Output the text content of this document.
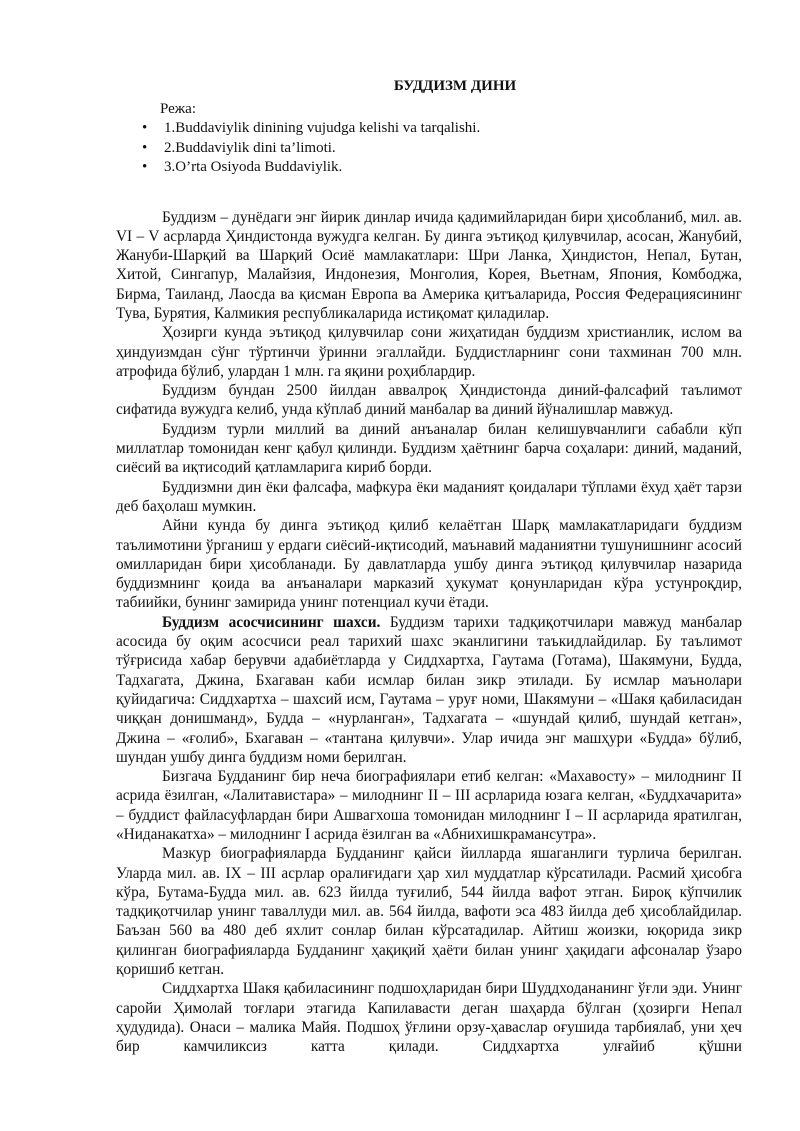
БУДДИЗМ ДИНИ
Режа:
• 1.Buddaviylik dinining vujudga kelishi va tarqalishi.
• 2.Buddaviylik dini ta’limoti.
• 3.O’rta Osiyoda Buddaviylik.

Буддизм – дунёдаги энг йирик динлар ичида қадимийларидан бири ҳисобланиб, мил. ав. VI – V асрларда Ҳиндистонда вужудга келган. Бу динга эътиқод қилувчилар, асосан, Жанубий, Жануби-Шарқий ва Шарқий Осиё мамлакатлари: Шри Ланка, Ҳиндистон, Непал, Бутан, Хитой, Сингапур, Малайзия, Индонезия, Монголия, Корея, Вьетнам, Япония, Комбоджа, Бирма, Таиланд, Лаосда ва қисман Европа ва Америка қитъаларида, Россия Федерациясининг Тува, Бурятия, Калмикия республикаларида истиқомат қиладилар.

Ҳозирги кунда эътиқод қилувчилар сони жиҳатидан буддизм христианлик, ислом ва ҳиндуизмдан сўнг тўртинчи ўринни эгаллайди. Буддистларнинг сони тахминан 700 млн. атрофида бўлиб, улардан 1 млн. га яқини роҳиблардир.

Буддизм бундан 2500 йилдан аввалроқ Ҳиндистонда диний-фалсафий таълимот сифатида вужудга келиб, унда кўплаб диний манбалар ва диний йўналишлар мавжуд.

Буддизм турли миллий ва диний анъаналар билан келишувчанлиги сабабли кўп миллатлар томонидан кенг қабул қилинди. Буддизм ҳаётнинг барча соҳалари: диний, маданий, сиёсий ва иқтисодий қатламларига кириб борди.

Буддизмни дин ёки фалсафа, мафкура ёки маданият қоидалари тўплами ёхуд ҳаёт тарзи деб баҳолаш мумкин.

Айни кунда бу динга эътиқод қилиб келаётган Шарқ мамлакатларидаги буддизм таълимотини ўрганиш у ердаги сиёсий-иқтисодий, маънавий маданиятни тушунишнинг асосий омилларидан бири ҳисобланади. Бу давлатларда ушбу динга эътиқод қилувчилар назарида буддизмнинг қоида ва анъаналари марказий ҳукумат қонунларидан кўра устунроқдир, табиийки, бунинг замирида унинг потенциал кучи ётади.

Буддизм асосчисининг шахси. Буддизм тарихи тадқиқотчилари мавжуд манбалар асосида бу оқим асосчиси реал тарихий шахс эканлигини таъкидлайдилар. Бу таълимот тўғрисида хабар берувчи адабиётларда у Сиддхартха, Гаутама (Готама), Шакямуни, Будда, Тадхагата, Джина, Бхагаван каби исмлар билан зикр этилади. Бу исмлар маънолари қуйидагича: Сиддхартха – шахсий исм, Гаутама – уруғ номи, Шакямуни – «Шакя қабиласидан чиққан донишманд», Будда – «нурланган», Тадхагата – «шундай қилиб, шундай кетган», Джина – «ғолиб», Бхагаван – «тантана қилувчи». Улар ичида энг машҳури «Будда» бўлиб, шундан ушбу динга буддизм номи берилган.

Бизгача Будданинг бир неча биографиялари етиб келган: «Махавосту» – милоднинг II асрида ёзилган, «Лалитавистара» – милоднинг II – III асрларида юзага келган, «Буддхачарита» – буддист файласуфлардан бири Ашвагхоша томонидан милоднинг I – II асрларида яратилган, «Ниданакатха» – милоднинг I асрида ёзилган ва «Абнихишкрамансутра».

Мазкур биографияларда Будданинг қайси йилларда яшаганлиги турлича берилган. Уларда мил. ав. IX – III асрлар оралиғидаги ҳар хил муддатлар кўрсатилади. Расмий ҳисобга кўра, Бутама-Будда мил. ав. 623 йилда туғилиб, 544 йилда вафот этган. Бироқ кўпчилик тадқиқотчилар унинг таваллуди мил. ав. 564 йилда, вафоти эса 483 йилда деб ҳисоблайдилар. Баъзан 560 ва 480 деб яхлит сонлар билан кўрсатадилар. Айтиш жоизки, юқорида зикр қилинган биографияларда Будданинг ҳақиқий ҳаёти билан унинг ҳақидаги афсоналар ўзаро қоришиб кетган.

Сиддхартха Шакя қабиласининг подшоҳларидан бири Шуддходананинг ўғли эди. Унинг саройи Ҳимолай тоғлари этагида Капилавасти деган шаҳарда бўлган (ҳозирги Непал ҳудудида). Онаси – малика Майя. Подшоҳ ўғлини орзу-ҳаваслар оғушида тарбиялаб, уни ҳеч бир камчиликсиз катта қилади. Сиддхартха улғайиб қўшни
